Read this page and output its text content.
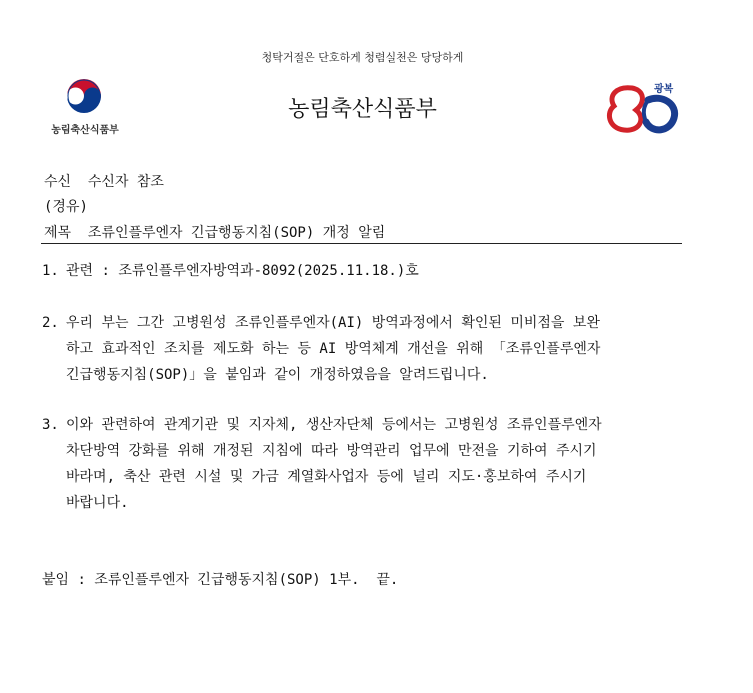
청탁거절은 단호하게 청렴실천은 당당하게
농림축산식품부
농림축산식품부
광복
수신  수신자 참조
(경유)
제목  조류인플루엔자 긴급행동지침(SOP) 개정 알림
1. 관련 : 조류인플루엔자방역과-8092(2025.11.18.)호
2. 우리 부는 그간 고병원성 조류인플루엔자(AI) 방역과정에서 확인된 미비점을 보완
하고 효과적인 조치를 제도화 하는 등 AI 방역체계 개선을 위해 「조류인플루엔자
긴급행동지침(SOP)」을 붙임과 같이 개정하였음을 알려드립니다.
3. 이와 관련하여 관계기관 및 지자체, 생산자단체 등에서는 고병원성 조류인플루엔자
차단방역 강화를 위해 개정된 지침에 따라 방역관리 업무에 만전을 기하여 주시기
바라며, 축산 관련 시설 및 가금 계열화사업자 등에 널리 지도·홍보하여 주시기
바랍니다.
붙임 : 조류인플루엔자 긴급행동지침(SOP) 1부.  끝.
